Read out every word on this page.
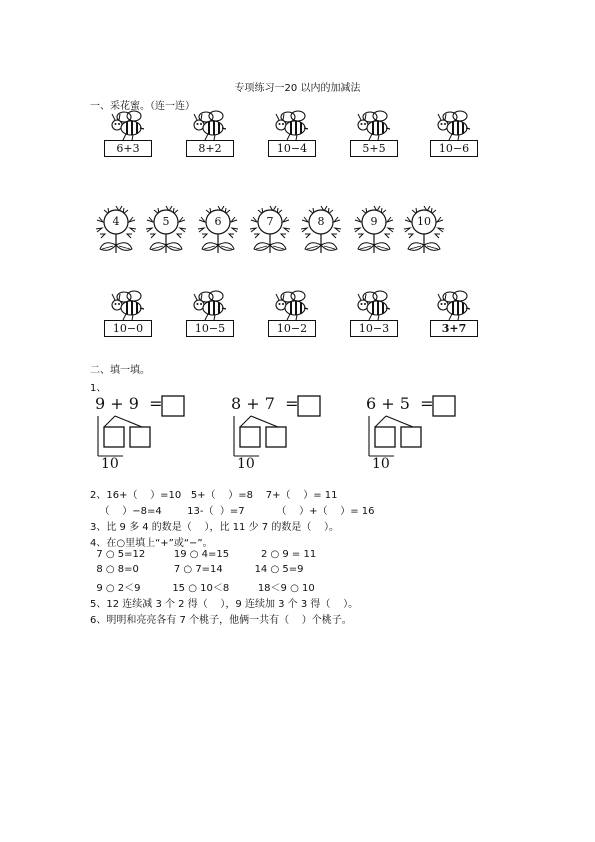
专项练习一20 以内的加减法
一、采花蜜。（连一连）
6+3	8+2	10−4	5+5	10−6
4	5	6	7	8	9	10
10−0	10−5	10−2	10−3	3+7
二、填一填。
1、
9 + 9  =
10
8 + 7  =
10
6 + 5  =
10
2、16+（    ）=10   5+（    ）=8    7+（    ）= 11
（    ）−8=4        13-（  ）=7          （    ）+（    ）= 16
3、比 9 多 4 的数是（    ），比 11 少 7 的数是（    ）。
4、在○里填上“+”或“−”。
7 ○ 5=12         19 ○ 4=15          2 ○ 9 = 11
8 ○ 8=0           7 ○ 7=14          14 ○ 5=9
9 ○ 2＜9          15 ○ 10＜8         18＜9 ○ 10
5、12 连续减 3 个 2 得（    ），9 连续加 3 个 3 得（    ）。
6、明明和亮亮各有 7 个桃子，他俩一共有（    ）个桃子。
